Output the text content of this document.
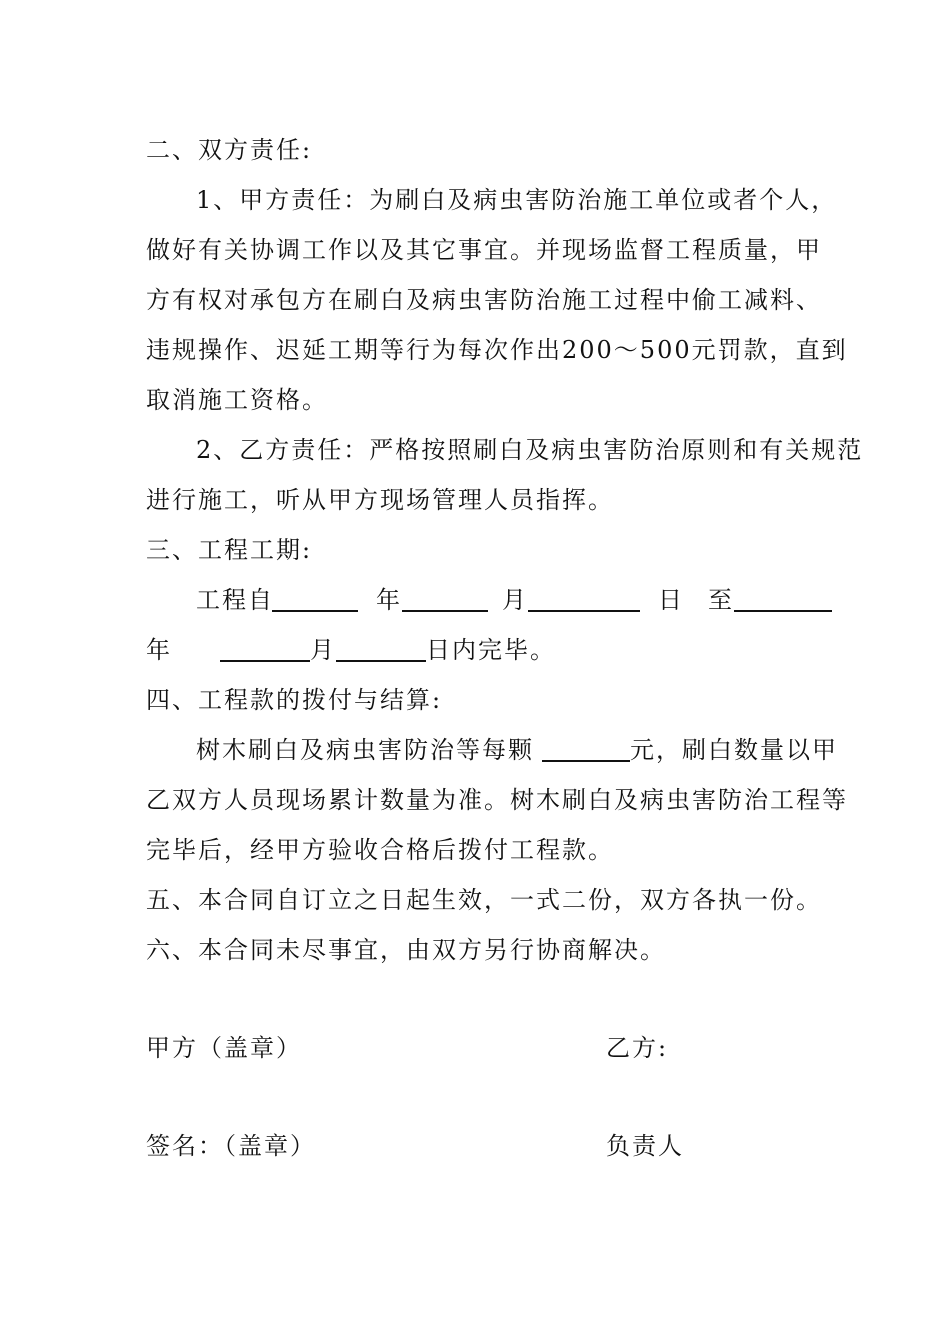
二、双方责任:
1、甲方责任：为刷白及病虫害防治施工单位或者个人，
做好有关协调工作以及其它事宜。并现场监督工程质量，甲
方有权对承包方在刷白及病虫害防治施工过程中偷工减料、
违规操作、迟延工期等行为每次作出200～500元罚款，直到
取消施工资格。
2、乙方责任：严格按照刷白及病虫害防治原则和有关规范
进行施工，听从甲方现场管理人员指挥。
三、工程工期:
工程自	年	月	日 至
年	月	日内完毕。
四、工程款的拨付与结算:
树木刷白及病虫害防治等每颗	元，刷白数量以甲
乙双方人员现场累计数量为准。树木刷白及病虫害防治工程等
完毕后，经甲方验收合格后拨付工程款。
五、本合同自订立之日起生效，一式二份，双方各执一份。
六、本合同未尽事宜，由双方另行协商解决。
甲方（盖章）	乙方:
签名：（盖章）	负责人
